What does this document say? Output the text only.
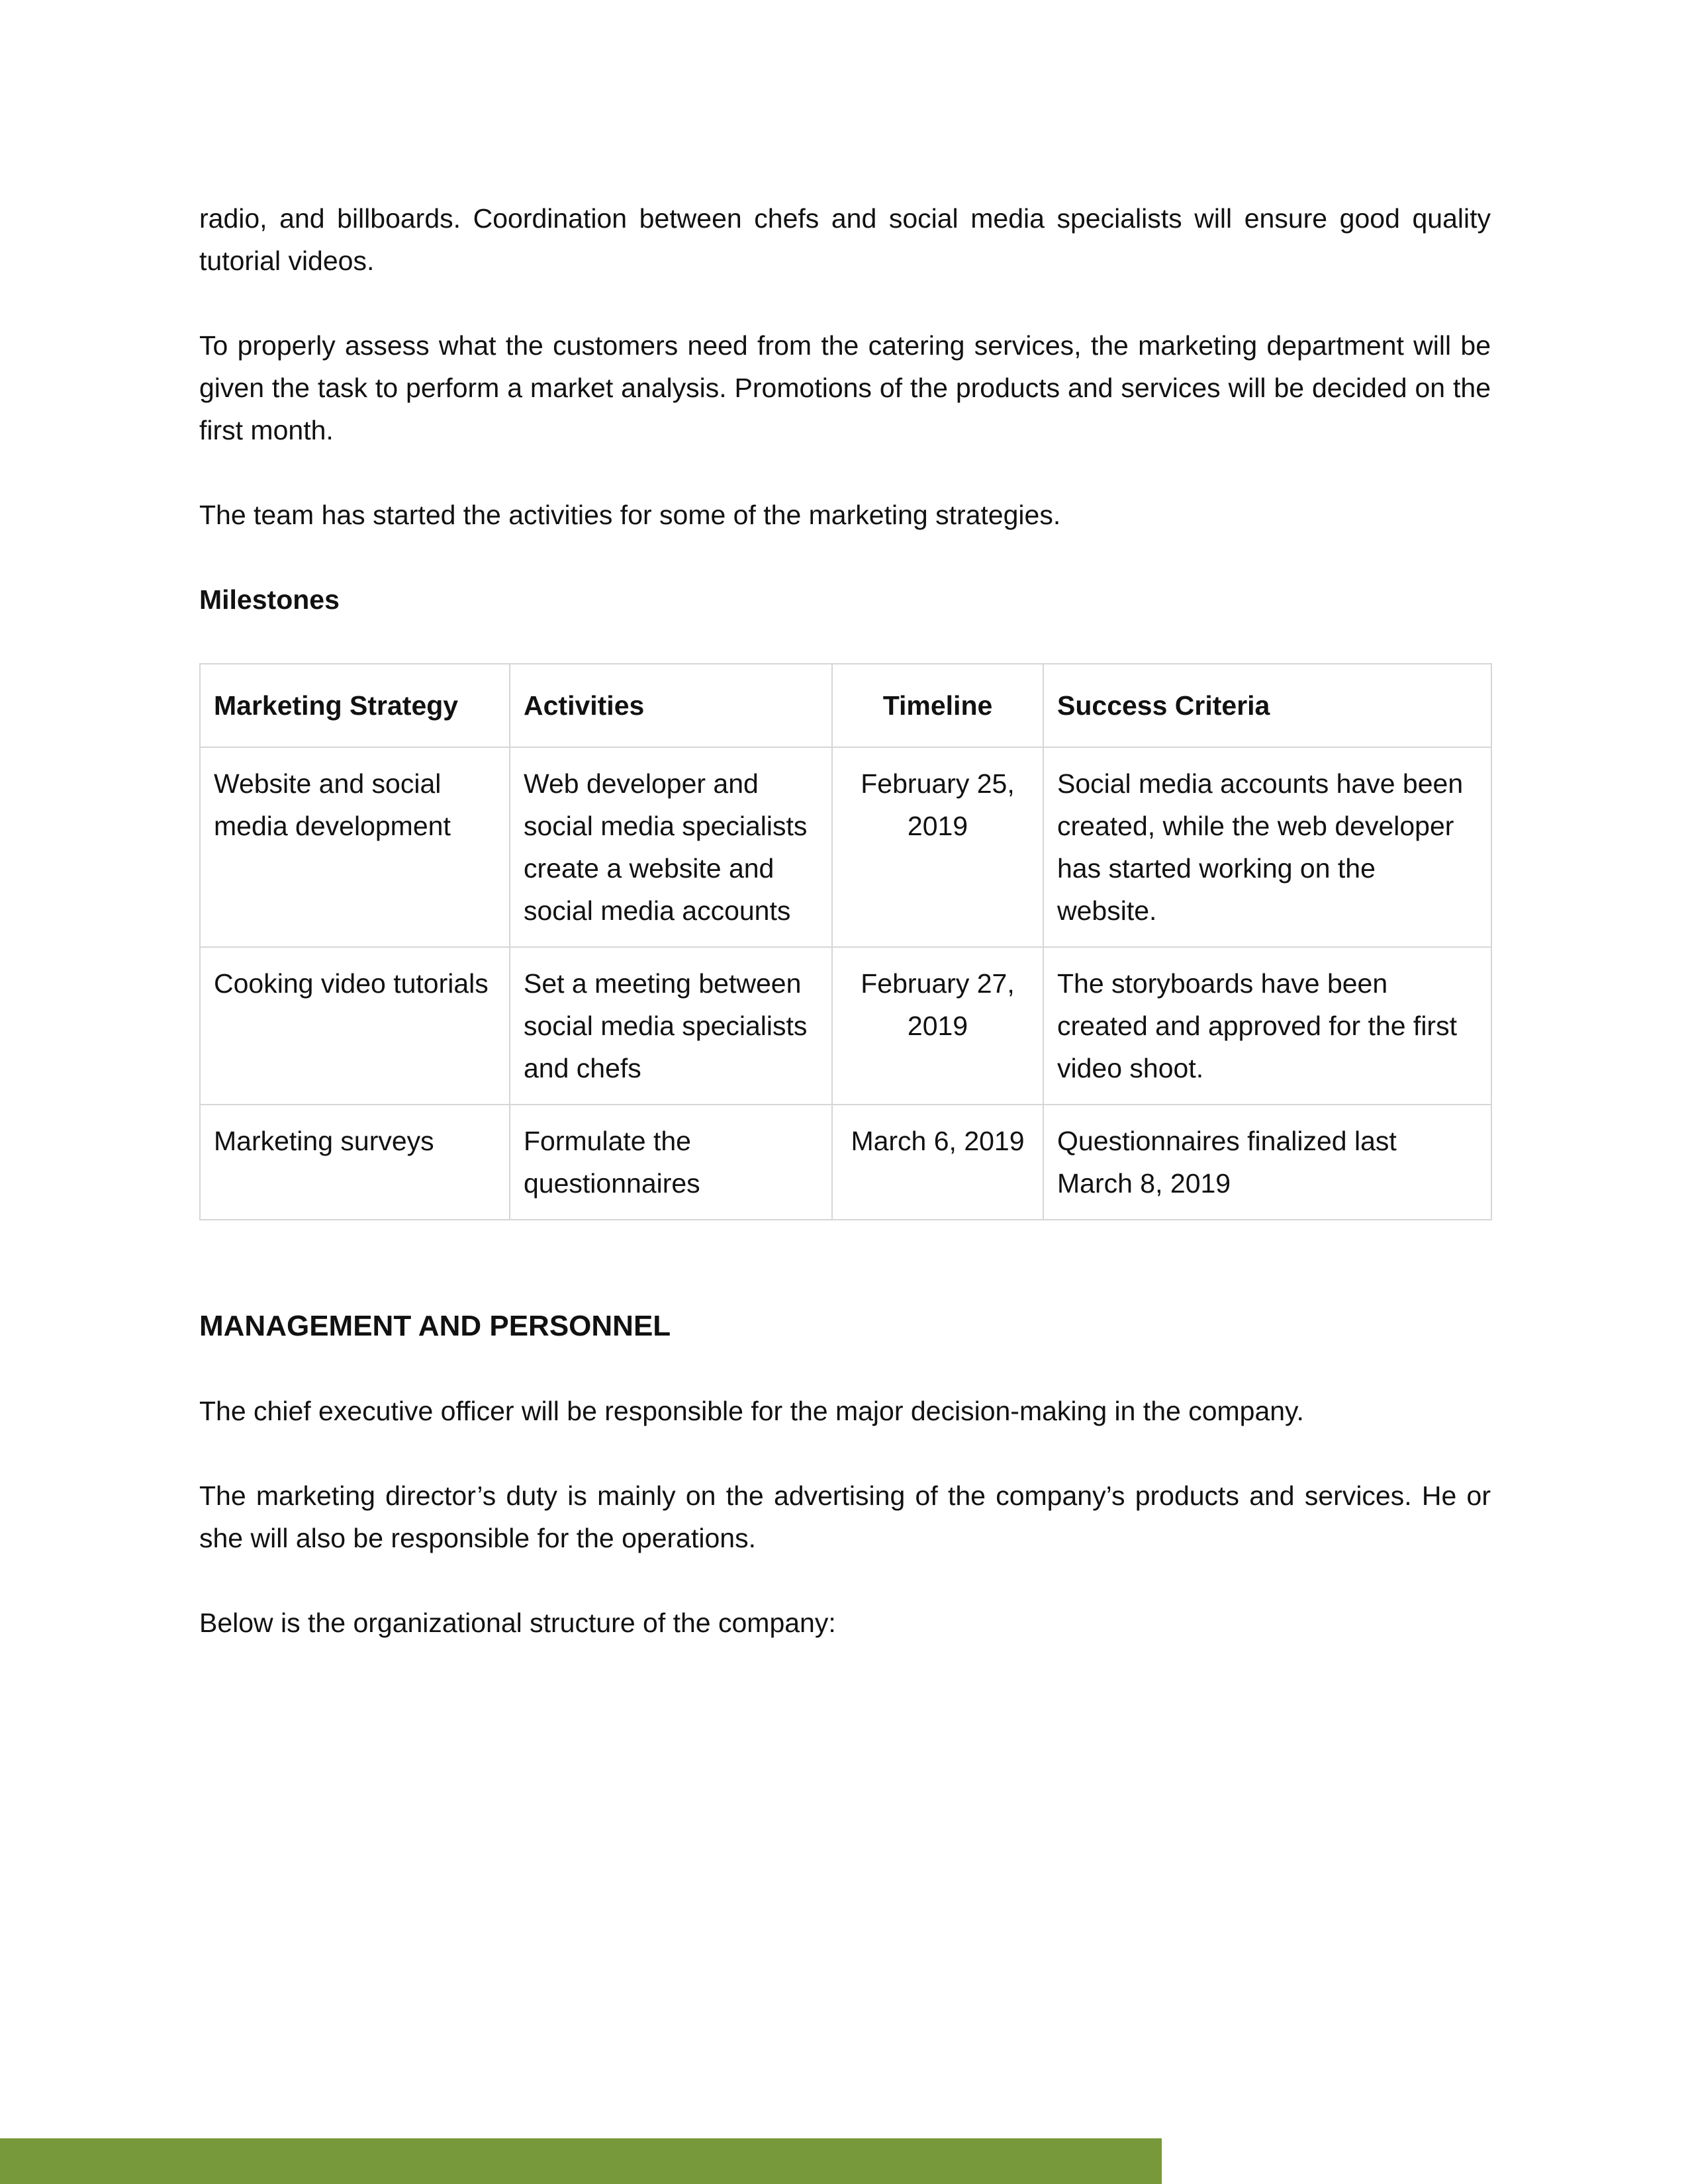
radio, and billboards. Coordination between chefs and social media specialists will ensure good quality tutorial videos.

To properly assess what the customers need from the catering services, the marketing department will be given the task to perform a market analysis. Promotions of the products and services will be decided on the first month.

The team has started the activities for some of the marketing strategies.

Milestones
Marketing Strategy	Activities	Timeline	Success Criteria
Website and social media development	Web developer and social media specialists create a website and social media accounts	February 25, 2019	Social media accounts have been created, while the web developer has started working on the website.
Cooking video tutorials	Set a meeting between social media specialists and chefs	February 27, 2019	The storyboards have been created and approved for the first video shoot.
Marketing surveys	Formulate the questionnaires	March 6, 2019	Questionnaires finalized last March 8, 2019
MANAGEMENT AND PERSONNEL

The chief executive officer will be responsible for the major decision-making in the company.

The marketing director’s duty is mainly on the advertising of the company’s products and services. He or she will also be responsible for the operations.

Below is the organizational structure of the company:
